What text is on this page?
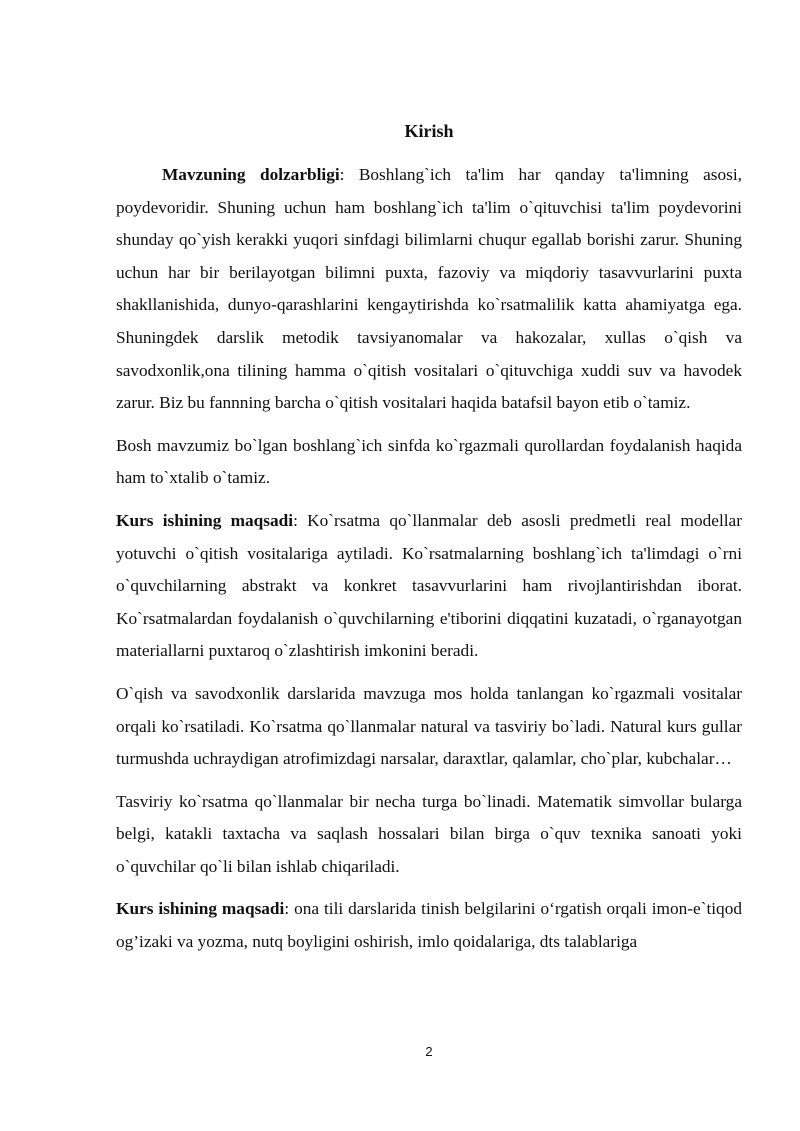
Kirish

Mavzuning dolzarbligi: Boshlang`ich ta'lim har qanday ta'limning asosi, poydevoridir. Shuning uchun ham boshlang`ich ta'lim o`qituvchisi ta'lim poydevorini shunday qo`yish kerakki yuqori sinfdagi bilimlarni chuqur egallab borishi zarur. Shuning uchun har bir berilayotgan bilimni puxta, fazoviy va miqdoriy tasavvurlarini puxta shakllanishida, dunyo-qarashlarini kengaytirishda ko`rsatmalilik katta ahamiyatga ega. Shuningdek darslik metodik tavsiyanomalar va hakozalar, xullas o`qish va savodxonlik,ona tilining hamma o`qitish vositalari o`qituvchiga xuddi suv va havodek zarur. Biz bu fannning barcha o`qitish vositalari haqida batafsil bayon etib o`tamiz.

Bosh mavzumiz bo`lgan boshlang`ich sinfda ko`rgazmali qurollardan foydalanish haqida ham to`xtalib o`tamiz.

Kurs ishining maqsadi: Ko`rsatma qo`llanmalar deb asosli predmetli real modellar yotuvchi o`qitish vositalariga aytiladi. Ko`rsatmalarning boshlang`ich ta'limdagi o`rni o`quvchilarning abstrakt va konkret tasavvurlarini ham rivojlantirishdan iborat. Ko`rsatmalardan foydalanish o`quvchilarning e'tiborini diqqatini kuzatadi, o`rganayotgan materiallarni puxtaroq o`zlashtirish imkonini beradi.

O`qish va savodxonlik darslarida mavzuga mos holda tanlangan ko`rgazmali vositalar orqali ko`rsatiladi. Ko`rsatma qo`llanmalar natural va tasviriy bo`ladi. Natural kurs gullar turmushda uchraydigan atrofimizdagi narsalar, daraxtlar, qalamlar, cho`plar, kubchalar…

Tasviriy ko`rsatma qo`llanmalar bir necha turga bo`linadi. Matematik simvollar bularga belgi, katakli taxtacha va saqlash hossalari bilan birga o`quv texnika sanoati yoki o`quvchilar qo`li bilan ishlab chiqariladi.

Kurs ishining maqsadi: ona tili darslarida tinish belgilarini o‘rgatish orqali imon-e`tiqod og’izaki va yozma, nutq boyligini oshirish, imlo qoidalariga, dts talablariga

2
